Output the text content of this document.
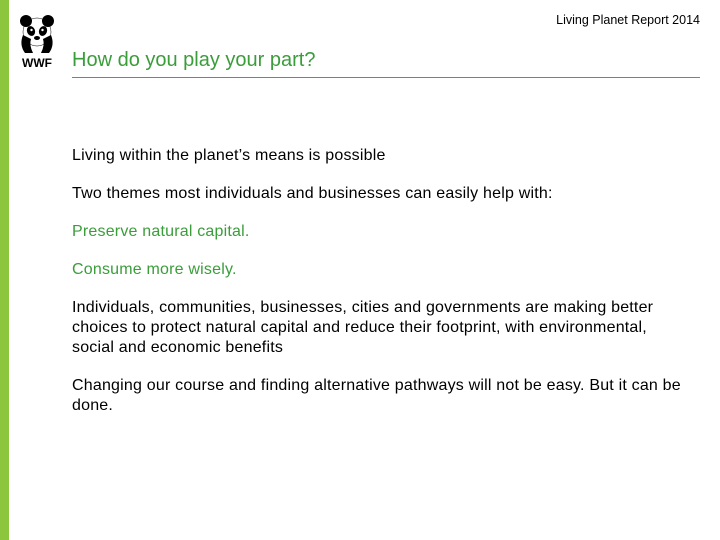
WWF
Living Planet Report 2014
How do you play your part?

Living within the planet’s means is possible

Two themes most individuals and businesses can easily help with:

Preserve natural capital.

Consume more wisely.

Individuals, communities, businesses, cities and governments are making better choices to protect natural capital and reduce their footprint, with environmental, social and economic benefits

Changing our course and finding alternative pathways will not be easy. But it can be done.
